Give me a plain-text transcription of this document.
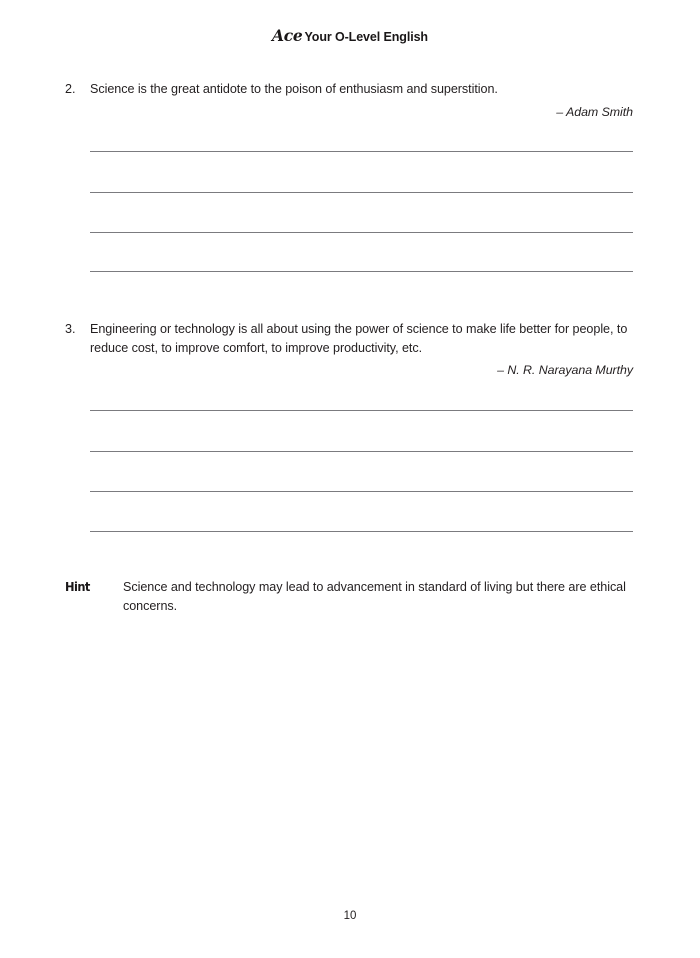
Ace Your O-Level English
2.	Science is the great antidote to the poison of enthusiasm and superstition.
– Adam Smith
3.	Engineering or technology is all about using the power of science to make life better for people, to reduce cost, to improve comfort, to improve productivity, etc.
– N. R. Narayana Murthy
Hint	Science and technology may lead to advancement in standard of living but there are ethical concerns.
10
